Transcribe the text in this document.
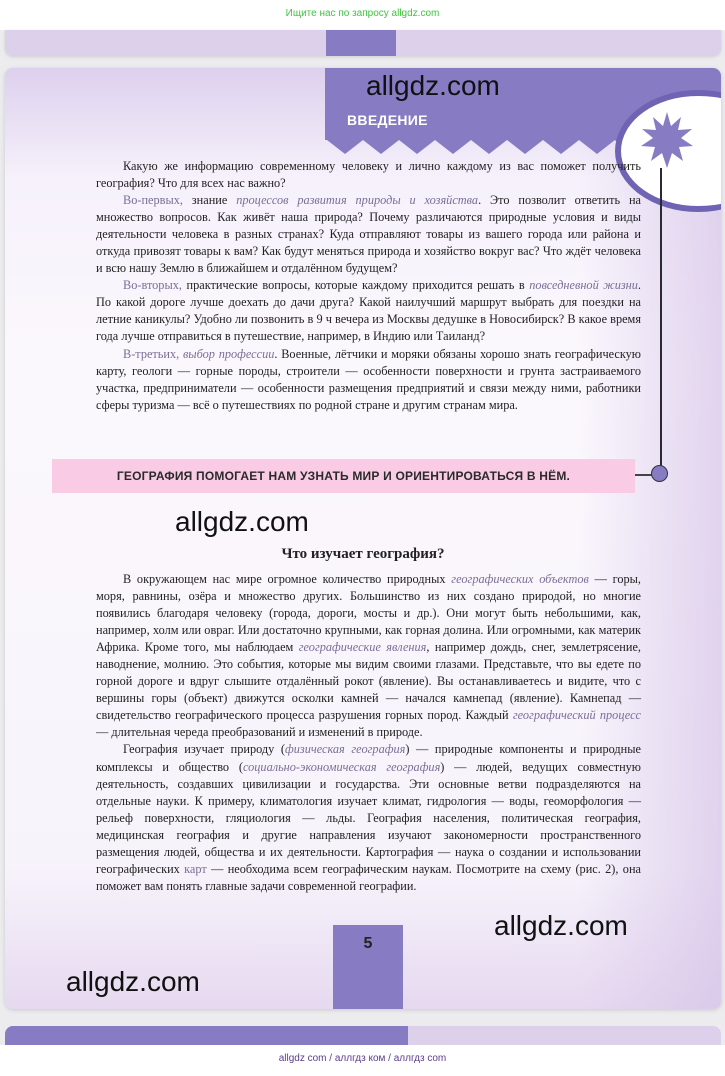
Ищите нас по запросу allgdz.com
ВВЕДЕНИЕ
allgdz.com

Какую же информацию современному человеку и лично каждому из вас поможет получить география? Что для всех нас важно?

Во-первых, знание процессов развития природы и хозяйства. Это позволит ответить на множество вопросов. Как живёт наша природа? Почему различаются природные условия и виды деятельности человека в разных странах? Куда отправляют товары из вашего города или района и откуда привозят товары к вам? Как будут меняться природа и хозяйство вокруг вас? Что ждёт человека и всю нашу Землю в ближайшем и отдалённом будущем?

Во-вторых, практические вопросы, которые каждому приходится решать в повседневной жизни. По какой дороге лучше доехать до дачи друга? Какой наилучший маршрут выбрать для поездки на летние каникулы? Удобно ли позвонить в 9 ч вечера из Москвы дедушке в Новосибирск? В какое время года лучше отправиться в путешествие, например, в Индию или Таиланд?

В-третьих, выбор профессии. Военные, лётчики и моряки обязаны хорошо знать географическую карту, геологи — горные породы, строители — особенности поверхности и грунта застраиваемого участка, предприниматели — особенности размещения предприятий и связи между ними, работники сферы туризма — всё о путешествиях по родной стране и другим странам мира.

ГЕОГРАФИЯ ПОМОГАЕТ НАМ УЗНАТЬ МИР И ОРИЕНТИРОВАТЬСЯ В НЁМ.
allgdz.com
Что изучает география?

В окружающем нас мире огромное количество природных географических объектов — горы, моря, равнины, озёра и множество других. Большинство из них создано природой, но многие появились благодаря человеку (города, дороги, мосты и др.). Они могут быть небольшими, как, например, холм или овраг. Или достаточно крупными, как горная долина. Или огромными, как материк Африка. Кроме того, мы наблюдаем географические явления, например дождь, снег, землетрясение, наводнение, молнию. Это события, которые мы видим своими глазами. Представьте, что вы едете по горной дороге и вдруг слышите отдалённый рокот (явление). Вы останавливаетесь и видите, что с вершины горы (объект) движутся осколки камней — начался камнепад (явление). Камнепад — свидетельство географического процесса разрушения горных пород. Каждый географический процесс — длительная череда преобразований и изменений в природе.

География изучает природу (физическая география) — природные компоненты и природные комплексы и общество (социально-экономическая география) — людей, ведущих совместную деятельность, создавших цивилизации и государства. Эти основные ветви подразделяются на отдельные науки. К примеру, климатология изучает климат, гидрология — воды, геоморфология — рельеф поверхности, гляциология — льды. География населения, политическая география, медицинская география и другие направления изучают закономерности пространственного размещения людей, общества и их деятельности. Картография — наука о создании и использовании географических карт — необходима всем географическим наукам. Посмотрите на схему (рис. 2), она поможет вам понять главные задачи современной географии.

5
allgdz.com
allgdz.com
allgdz com / аллгдз ком / аллгдз com
